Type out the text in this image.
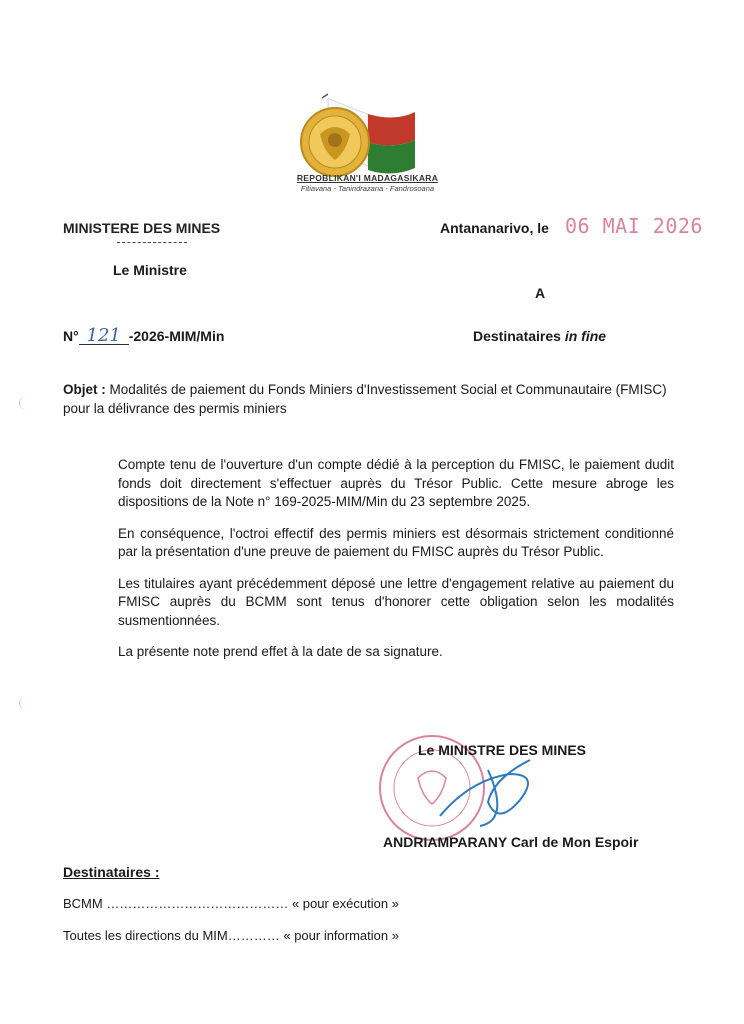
REPOBLIKAN'I MADAGASIKARA
Fitiavana - Tanindrazana - Fandrosoana
MINISTERE DES MINES
Le Ministre
Antananarivo, le 06 MAI 2026
A
N° 121 -2026-MIM/Min	Destinataires in fine
Objet : Modalités de paiement du Fonds Miniers d'Investissement Social et Communautaire (FMISC) pour la délivrance des permis miniers

Compte tenu de l'ouverture d'un compte dédié à la perception du FMISC, le paiement dudit fonds doit directement s'effectuer auprès du Trésor Public. Cette mesure abroge les dispositions de la Note n° 169-2025-MIM/Min du 23 septembre 2025.

En conséquence, l'octroi effectif des permis miniers est désormais strictement conditionné par la présentation d'une preuve de paiement du FMISC auprès du Trésor Public.

Les titulaires ayant précédemment déposé une lettre d'engagement relative au paiement du FMISC auprès du BCMM sont tenus d'honorer cette obligation selon les modalités susmentionnées.

La présente note prend effet à la date de sa signature.

Le MINISTRE DES MINES
ANDRIAMPARANY Carl de Mon Espoir
Destinataires :
BCMM …………………………………… « pour exécution »
Toutes les directions du MIM………… « pour information »
